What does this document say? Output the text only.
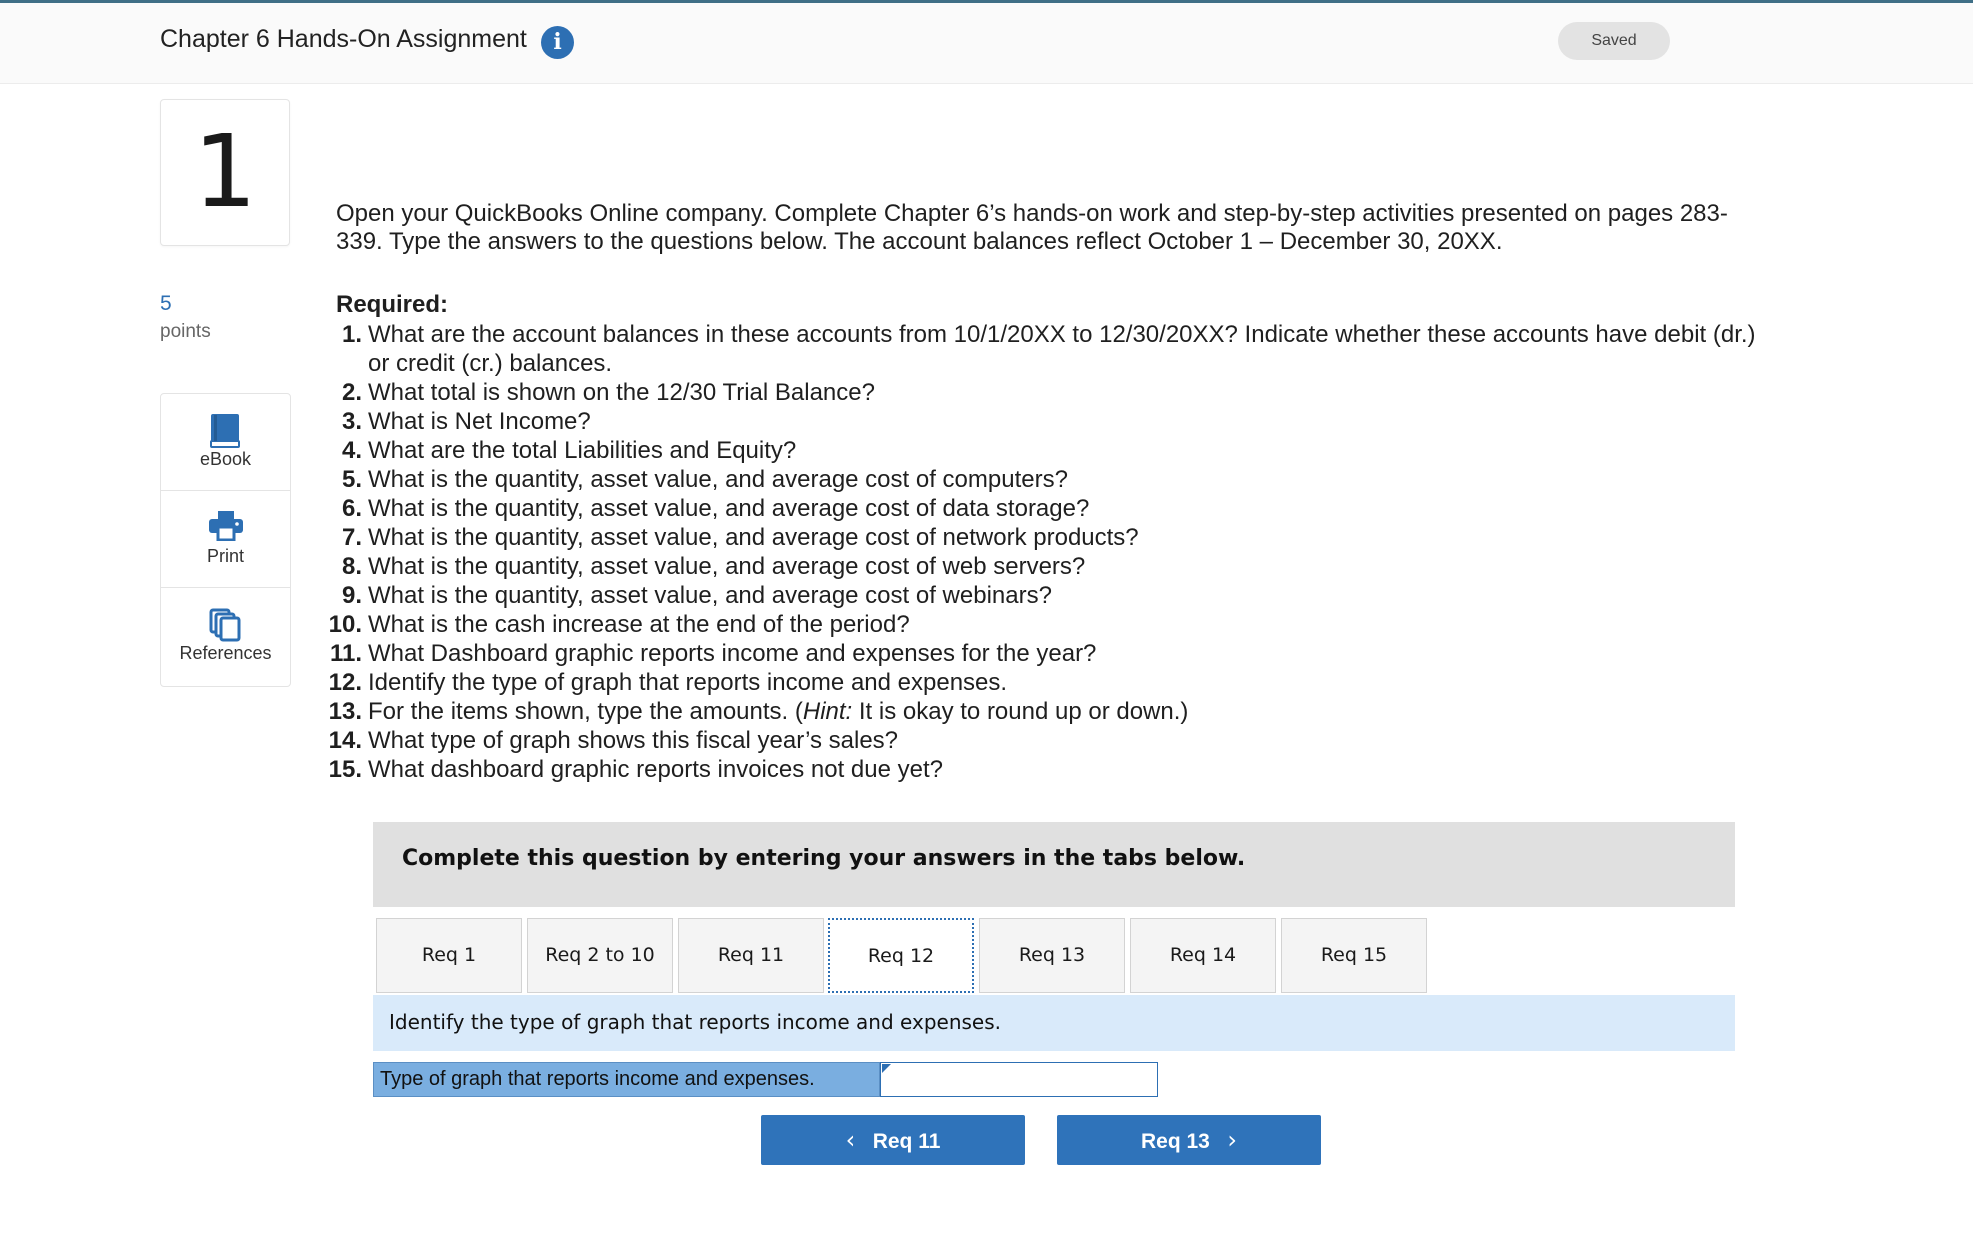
Chapter 6 Hands-On Assignment	i	Saved
1
5
points
eBook
Print
References
Open your QuickBooks Online company. Complete Chapter 6’s hands-on work and step-by-step activities presented on pages 283-
339. Type the answers to the questions below. The account balances reflect October 1 – December 30, 20XX.
Required:
1. What are the account balances in these accounts from 10/1/20XX to 12/30/20XX? Indicate whether these accounts have debit (dr.)
or credit (cr.) balances.
2. What total is shown on the 12/30 Trial Balance?
3. What is Net Income?
4. What are the total Liabilities and Equity?
5. What is the quantity, asset value, and average cost of computers?
6. What is the quantity, asset value, and average cost of data storage?
7. What is the quantity, asset value, and average cost of network products?
8. What is the quantity, asset value, and average cost of web servers?
9. What is the quantity, asset value, and average cost of webinars?
10. What is the cash increase at the end of the period?
11. What Dashboard graphic reports income and expenses for the year?
12. Identify the type of graph that reports income and expenses.
13. For the items shown, type the amounts. (Hint: It is okay to round up or down.)
14. What type of graph shows this fiscal year’s sales?
15. What dashboard graphic reports invoices not due yet?
Complete this question by entering your answers in the tabs below.
Req 1	Req 2 to 10	Req 11	Req 12	Req 13	Req 14	Req 15
Identify the type of graph that reports income and expenses.
Type of graph that reports income and expenses.
‹ Req 11	Req 13 ›
